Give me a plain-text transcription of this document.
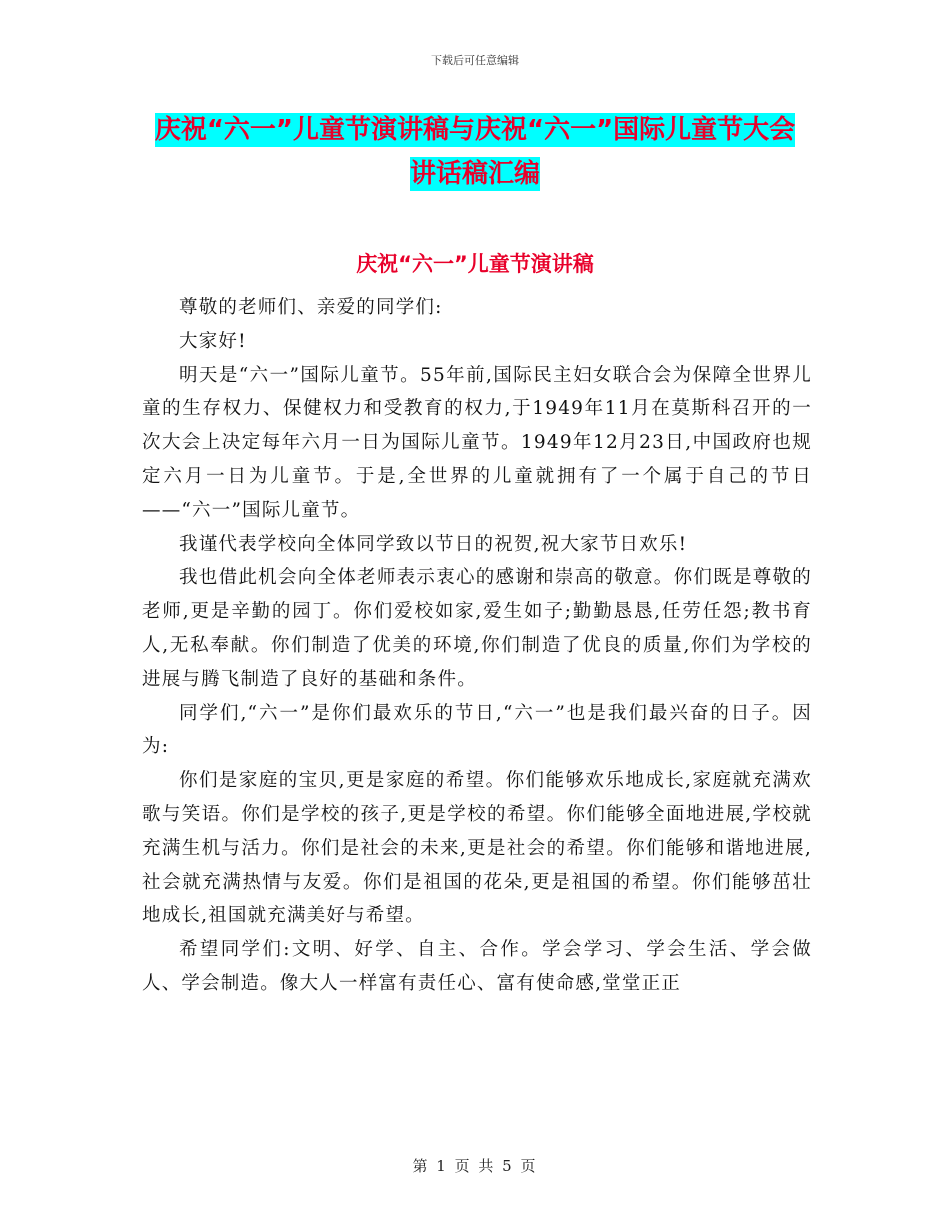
下载后可任意编辑
庆祝“六一”儿童节演讲稿与庆祝“六一”国际儿童节大会讲话稿汇编
庆祝“六一”儿童节演讲稿

尊敬的老师们、亲爱的同学们:

大家好!

明天是“六一”国际儿童节。55年前,国际民主妇女联合会为保障全世界儿童的生存权力、保健权力和受教育的权力,于1949年11月在莫斯科召开的一次大会上决定每年六月一日为国际儿童节。1949年12月23日,中国政府也规定六月一日为儿童节。于是,全世界的儿童就拥有了一个属于自己的节日——“六一”国际儿童节。

我谨代表学校向全体同学致以节日的祝贺,祝大家节日欢乐!

我也借此机会向全体老师表示衷心的感谢和崇高的敬意。你们既是尊敬的老师,更是辛勤的园丁。你们爱校如家,爱生如子;勤勤恳恳,任劳任怨;教书育人,无私奉献。你们制造了优美的环境,你们制造了优良的质量,你们为学校的进展与腾飞制造了良好的基础和条件。

同学们,“六一”是你们最欢乐的节日,“六一”也是我们最兴奋的日子。因为:

你们是家庭的宝贝,更是家庭的希望。你们能够欢乐地成长,家庭就充满欢歌与笑语。你们是学校的孩子,更是学校的希望。你们能够全面地进展,学校就充满生机与活力。你们是社会的未来,更是社会的希望。你们能够和谐地进展,社会就充满热情与友爱。你们是祖国的花朵,更是祖国的希望。你们能够茁壮地成长,祖国就充满美好与希望。

希望同学们:文明、好学、自主、合作。学会学习、学会生活、学会做人、学会制造。像大人一样富有责任心、富有使命感,堂堂正正

第 1 页 共 5 页
